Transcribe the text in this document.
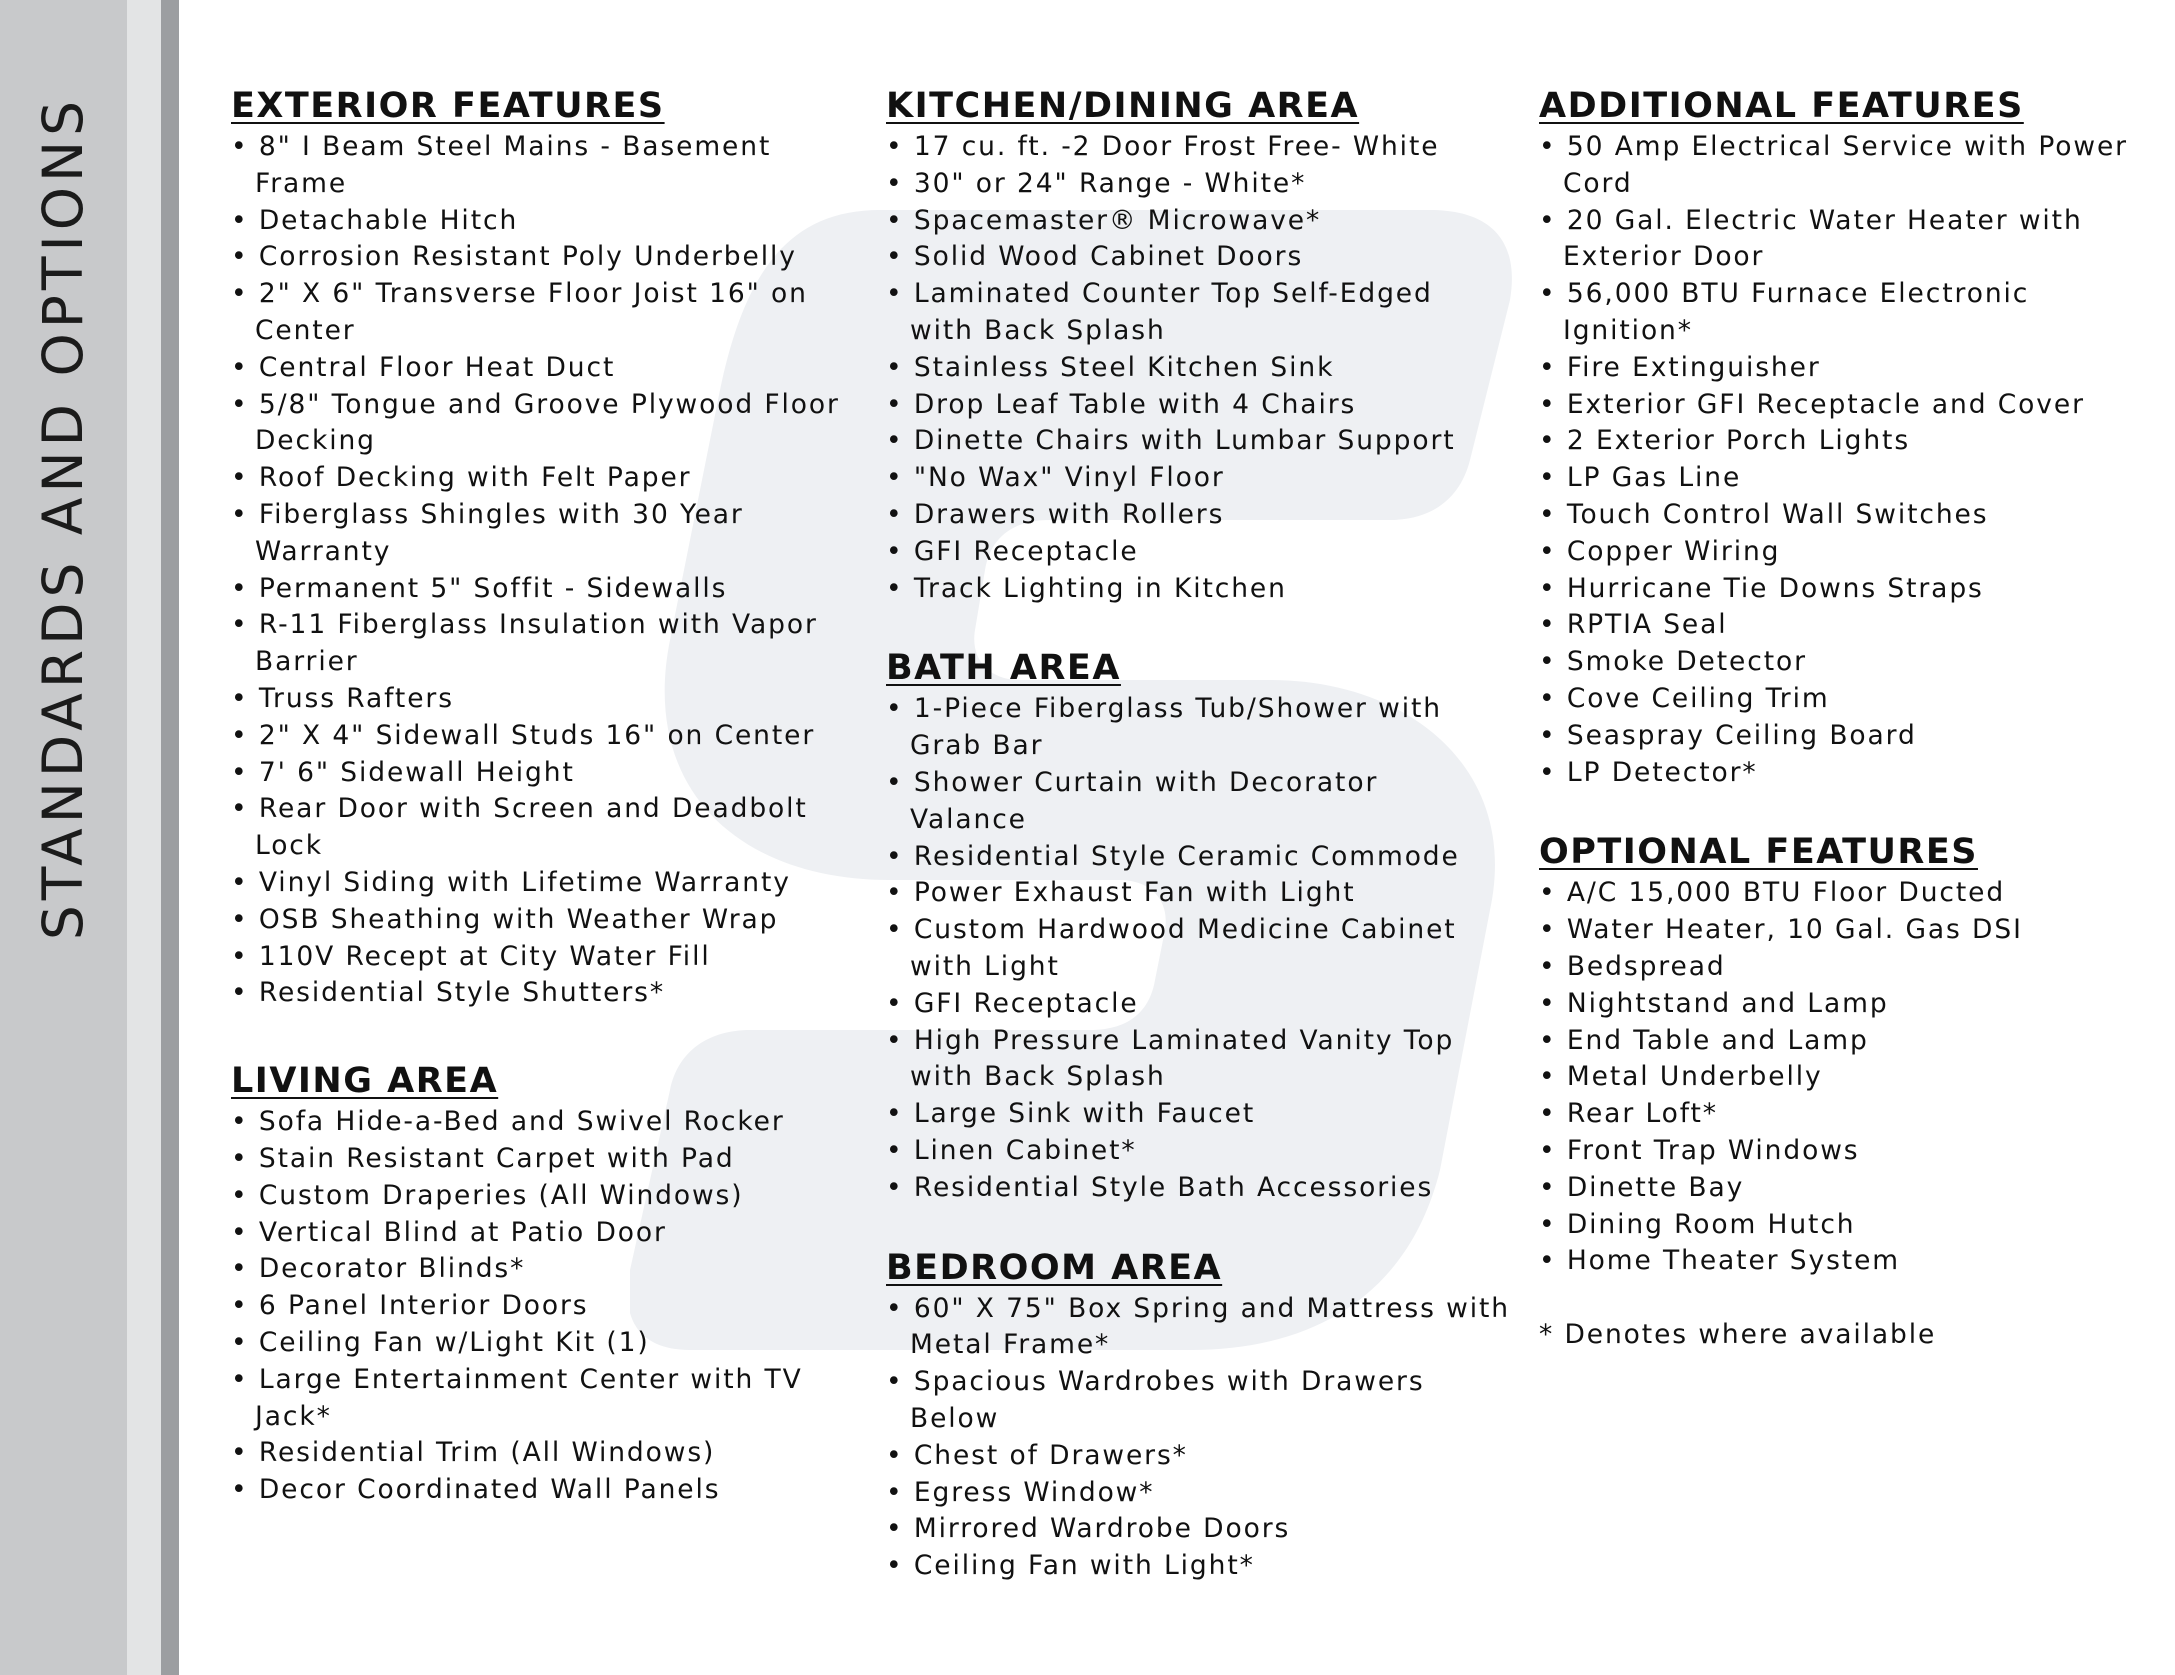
STANDARDS AND OPTIONS	EXTERIOR FEATURES
• 8" I Beam Steel Mains - Basement
Frame
• Detachable Hitch
• Corrosion Resistant Poly Underbelly
• 2" X 6" Transverse Floor Joist 16" on
Center
• Central Floor Heat Duct
• 5/8" Tongue and Groove Plywood Floor
Decking
• Roof Decking with Felt Paper
• Fiberglass Shingles with 30 Year
Warranty
• Permanent 5" Soffit - Sidewalls
• R-11 Fiberglass Insulation with Vapor
Barrier
• Truss Rafters
• 2" X 4" Sidewall Studs 16" on Center
• 7' 6" Sidewall Height
• Rear Door with Screen and Deadbolt
Lock
• Vinyl Siding with Lifetime Warranty
• OSB Sheathing with Weather Wrap
• 110V Recept at City Water Fill
• Residential Style Shutters*
LIVING AREA
• Sofa Hide-a-Bed and Swivel Rocker
• Stain Resistant Carpet with Pad
• Custom Draperies (All Windows)
• Vertical Blind at Patio Door
• Decorator Blinds*
• 6 Panel Interior Doors
• Ceiling Fan w/Light Kit (1)
• Large Entertainment Center with TV
Jack*
• Residential Trim (All Windows)
• Decor Coordinated Wall Panels
KITCHEN/DINING AREA
• 17 cu. ft. -2 Door Frost Free- White
• 30" or 24" Range - White*
• Spacemaster® Microwave*
• Solid Wood Cabinet Doors
• Laminated Counter Top Self-Edged
with Back Splash
• Stainless Steel Kitchen Sink
• Drop Leaf Table with 4 Chairs
• Dinette Chairs with Lumbar Support
• "No Wax" Vinyl Floor
• Drawers with Rollers
• GFI Receptacle
• Track Lighting in Kitchen
BATH AREA
• 1-Piece Fiberglass Tub/Shower with
Grab Bar
• Shower Curtain with Decorator
Valance
• Residential Style Ceramic Commode
• Power Exhaust Fan with Light
• Custom Hardwood Medicine Cabinet
with Light
• GFI Receptacle
• High Pressure Laminated Vanity Top
with Back Splash
• Large Sink with Faucet
• Linen Cabinet*
• Residential Style Bath Accessories
BEDROOM AREA
• 60" X 75" Box Spring and Mattress with
Metal Frame*
• Spacious Wardrobes with Drawers
Below
• Chest of Drawers*
• Egress Window*
• Mirrored Wardrobe Doors
• Ceiling Fan with Light*
ADDITIONAL FEATURES
• 50 Amp Electrical Service with Power
Cord
• 20 Gal. Electric Water Heater with
Exterior Door
• 56,000 BTU Furnace Electronic
Ignition*
• Fire Extinguisher
• Exterior GFI Receptacle and Cover
• 2 Exterior Porch Lights
• LP Gas Line
• Touch Control Wall Switches
• Copper Wiring
• Hurricane Tie Downs Straps
• RPTIA Seal
• Smoke Detector
• Cove Ceiling Trim
• Seaspray Ceiling Board
• LP Detector*
OPTIONAL FEATURES
• A/C 15,000 BTU Floor Ducted
• Water Heater, 10 Gal. Gas DSI
• Bedspread
• Nightstand and Lamp
• End Table and Lamp
• Metal Underbelly
• Rear Loft*
• Front Trap Windows
• Dinette Bay
• Dining Room Hutch
• Home Theater System

* Denotes where available
